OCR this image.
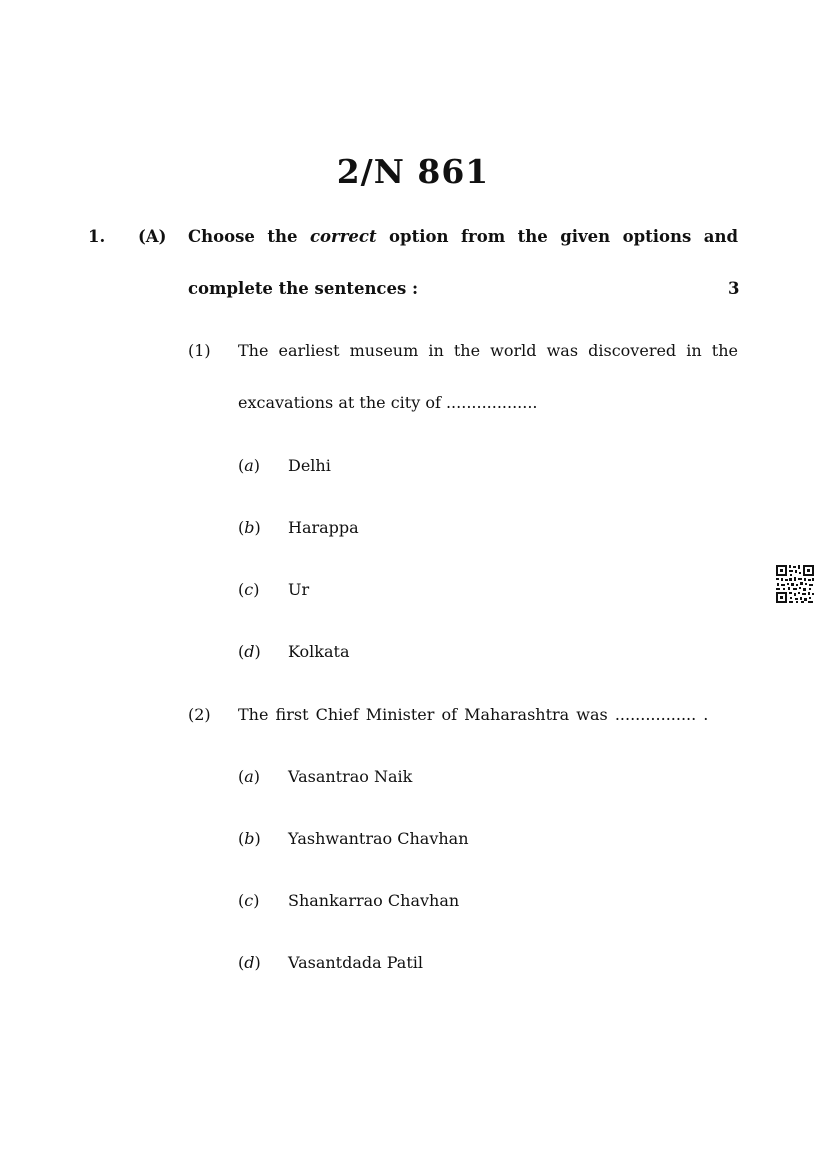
2/N 861
1. (A) Choose the correct option from the given options and
complete the sentences :	3
(1) The earliest museum in the world was discovered in the
excavations at the city of ..................
(a) Delhi
(b) Harappa
(c) Ur
(d) Kolkata
(2) The first Chief Minister of Maharashtra was ................ .
(a) Vasantrao Naik
(b) Yashwantrao Chavhan
(c) Shankarrao Chavhan
(d) Vasantdada Patil
